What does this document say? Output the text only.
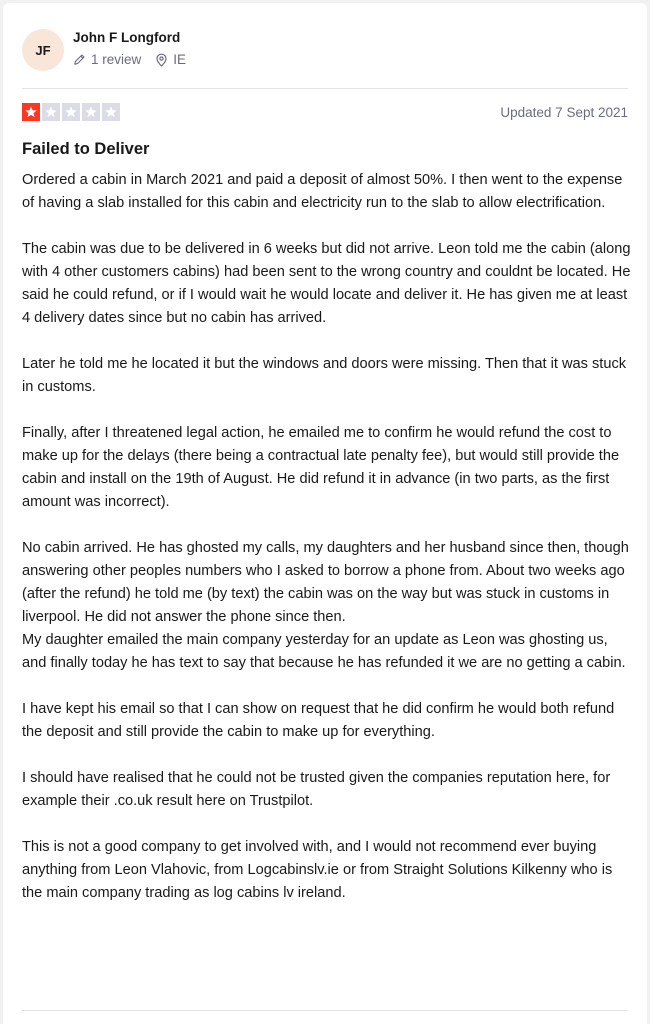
JF
John F Longford
1 review IE
Updated 7 Sept 2021
Failed to Deliver

Ordered a cabin in March 2021 and paid a deposit of almost 50%. I then went to the expense of having a slab installed for this cabin and electricity run to the slab to allow electrification.

The cabin was due to be delivered in 6 weeks but did not arrive. Leon told me the cabin (along with 4 other customers cabins) had been sent to the wrong country and couldnt be located. He said he could refund, or if I would wait he would locate and deliver it. He has given me at least 4 delivery dates since but no cabin has arrived.

Later he told me he located it but the windows and doors were missing. Then that it was stuck in customs.

Finally, after I threatened legal action, he emailed me to confirm he would refund the cost to make up for the delays (there being a contractual late penalty fee), but would still provide the cabin and install on the 19th of August. He did refund it in advance (in two parts, as the first amount was incorrect).

No cabin arrived. He has ghosted my calls, my daughters and her husband since then, though answering other peoples numbers who I asked to borrow a phone from. About two weeks ago (after the refund) he told me (by text) the cabin was on the way but was stuck in customs in liverpool. He did not answer the phone since then.
My daughter emailed the main company yesterday for an update as Leon was ghosting us, and finally today he has text to say that because he has refunded it we are no getting a cabin.

I have kept his email so that I can show on request that he did confirm he would both refund the deposit and still provide the cabin to make up for everything.

I should have realised that he could not be trusted given the companies reputation here, for example their .co.uk result here on Trustpilot.

This is not a good company to get involved with, and I would not recommend ever buying anything from Leon Vlahovic, from Logcabinslv.ie or from Straight Solutions Kilkenny who is the main company trading as log cabins lv ireland.
